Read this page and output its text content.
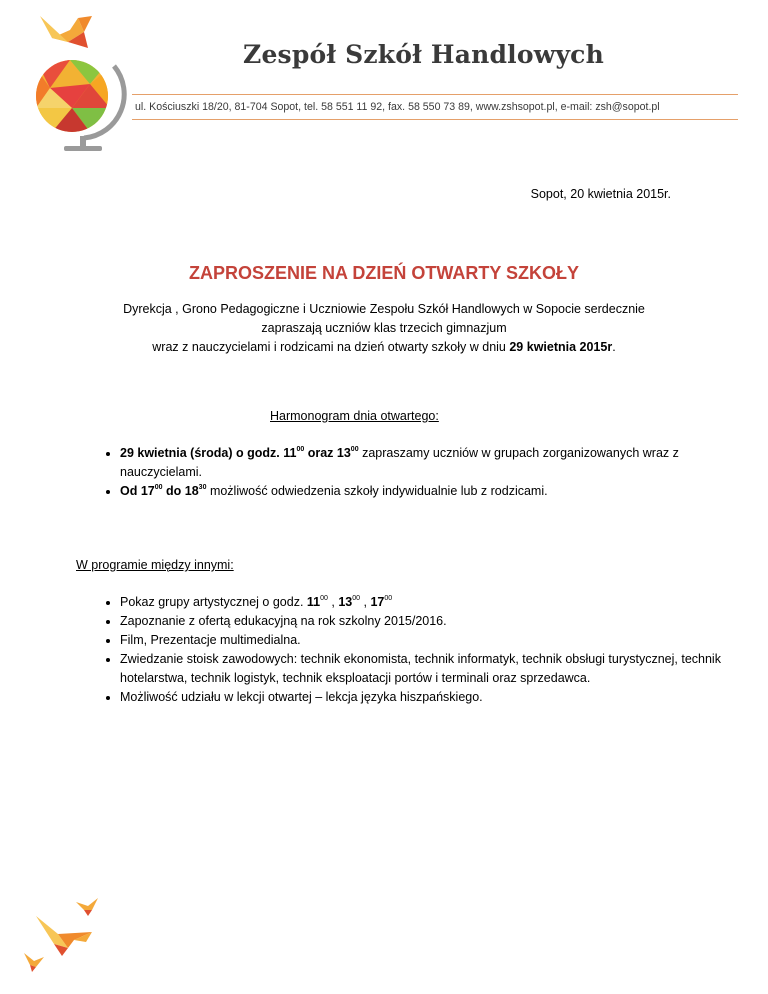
Zespół Szkół Handlowych
ul. Kościuszki 18/20, 81-704 Sopot, tel. 58 551 11 92, fax. 58 550 73 89, www.zshsopot.pl, e-mail: zsh@sopot.pl
Sopot, 20 kwietnia 2015r.
ZAPROSZENIE NA DZIEŃ OTWARTY SZKOŁY
Dyrekcja , Grono Pedagogiczne i Uczniowie Zespołu Szkół Handlowych w Sopocie serdecznie
zapraszają uczniów klas trzecich gimnazjum
wraz z nauczycielami i rodzicami na dzień otwarty szkoły w dniu 29 kwietnia 2015r.
Harmonogram dnia otwartego:
• 29 kwietnia (środa) o godz. $11^{00}$ oraz $13^{00}$ zapraszamy uczniów w grupach zorganizowanych wraz z nauczycielami.
• Od $17^{00}$ do $18^{30}$ możliwość odwiedzenia szkoły indywidualnie lub z rodzicami.
W programie między innymi:
• Pokaz grupy artystycznej o godz. $11^{00}$ , $13^{00}$ , $17^{00}$
• Zapoznanie z ofertą edukacyjną na rok szkolny 2015/2016.
• Film, Prezentacje multimedialna.
• Zwiedzanie stoisk zawodowych: technik ekonomista, technik informatyk, technik obsługi turystycznej, technik hotelarstwa, technik logistyk, technik eksploatacji portów i terminali oraz sprzedawca.
• Możliwość udziału w lekcji otwartej – lekcja języka hiszpańskiego.
